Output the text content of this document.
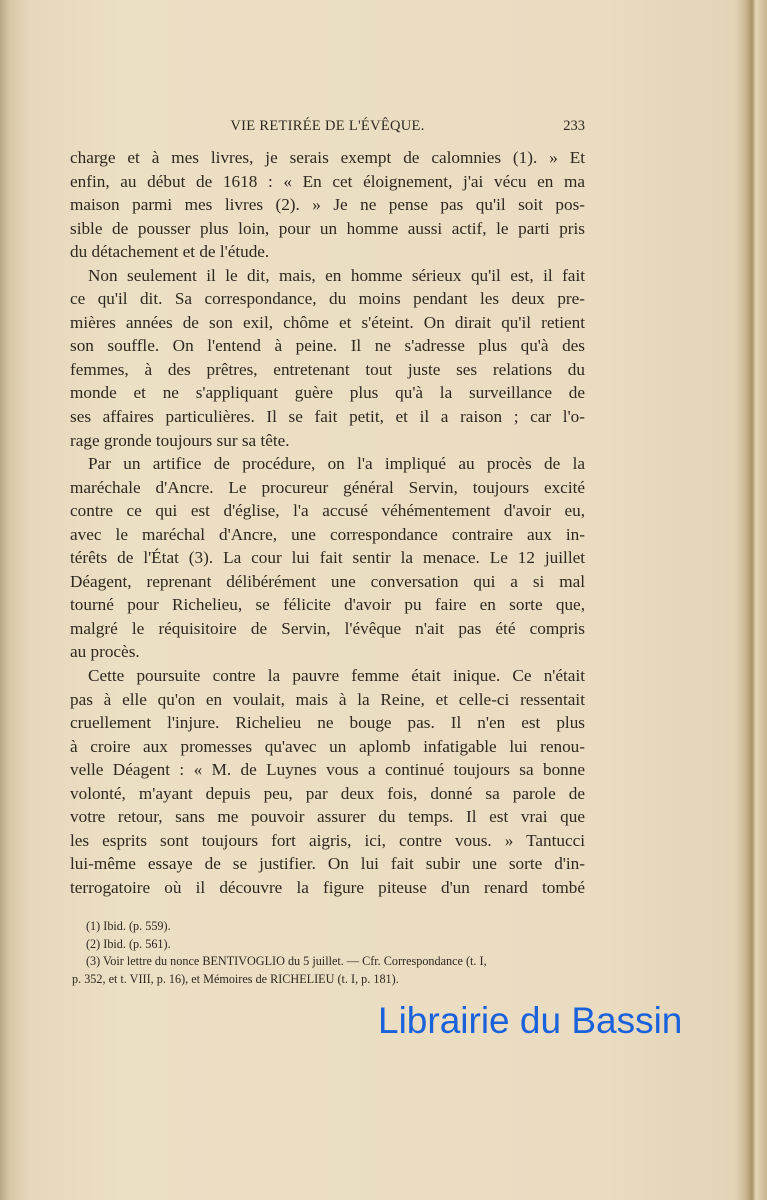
VIE RETIRÉE DE L'ÉVÊQUE.	233
charge et à mes livres, je serais exempt de calomnies (1). » Et
enfin, au début de 1618 : « En cet éloignement, j'ai vécu en ma
maison parmi mes livres (2). » Je ne pense pas qu'il soit pos-
sible de pousser plus loin, pour un homme aussi actif, le parti pris
du détachement et de l'étude.
Non seulement il le dit, mais, en homme sérieux qu'il est, il fait
ce qu'il dit. Sa correspondance, du moins pendant les deux pre-
mières années de son exil, chôme et s'éteint. On dirait qu'il retient
son souffle. On l'entend à peine. Il ne s'adresse plus qu'à des
femmes, à des prêtres, entretenant tout juste ses relations du
monde et ne s'appliquant guère plus qu'à la surveillance de
ses affaires particulières. Il se fait petit, et il a raison ; car l'o-
rage gronde toujours sur sa tête.
Par un artifice de procédure, on l'a impliqué au procès de la
maréchale d'Ancre. Le procureur général Servin, toujours excité
contre ce qui est d'église, l'a accusé véhémentement d'avoir eu,
avec le maréchal d'Ancre, une correspondance contraire aux in-
térêts de l'État (3). La cour lui fait sentir la menace. Le 12 juillet
Déagent, reprenant délibérément une conversation qui a si mal
tourné pour Richelieu, se félicite d'avoir pu faire en sorte que,
malgré le réquisitoire de Servin, l'évêque n'ait pas été compris
au procès.
Cette poursuite contre la pauvre femme était inique. Ce n'était
pas à elle qu'on en voulait, mais à la Reine, et celle-ci ressentait
cruellement l'injure. Richelieu ne bouge pas. Il n'en est plus
à croire aux promesses qu'avec un aplomb infatigable lui renou-
velle Déagent : « M. de Luynes vous a continué toujours sa bonne
volonté, m'ayant depuis peu, par deux fois, donné sa parole de
votre retour, sans me pouvoir assurer du temps. Il est vrai que
les esprits sont toujours fort aigris, ici, contre vous. » Tantucci
lui-même essaye de se justifier. On lui fait subir une sorte d'in-
terrogatoire où il découvre la figure piteuse d'un renard tombé
(1) Ibid. (p. 559).
(2) Ibid. (p. 561).
(3) Voir lettre du nonce BENTIVOGLIO du 5 juillet. — Cfr. Correspondance (t. I,
p. 352, et t. VIII, p. 16), et Mémoires de RICHELIEU (t. I, p. 181).
Librairie du Bassin
